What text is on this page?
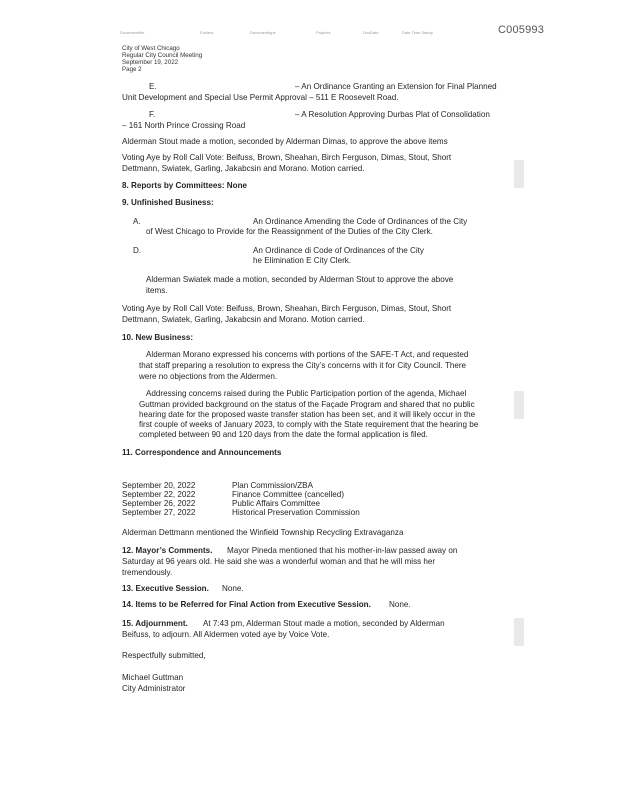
Documenttitle	Folders	Documenttype	Projects	DocDate	Date Time Stamp	C005993
City of West Chicago
Regular City Council Meeting
September 19, 2022
Page 2
E.	– An Ordinance Granting an Extension for Final Planned
Unit Development and Special Use Permit Approval – 511 E Roosevelt Road.
F.	– A Resolution Approving Durbas Plat of Consolidation
– 161 North Prince Crossing Road
Alderman Stout made a motion, seconded by Alderman Dimas, to approve the above items
Voting Aye by Roll Call Vote: Beifuss, Brown, Sheahan, Birch Ferguson, Dimas, Stout, Short
Dettmann, Swiatek, Garling, Jakabcsin and Morano. Motion carried.
8. Reports by Committees: None
9. Unfinished Business:
A.	An Ordinance Amending the Code of Ordinances of the City
of West Chicago to Provide for the Reassignment of the Duties of the City Clerk.
D.	An Ordinance di Code of Ordinances of the City
he Elimination E City Clerk.
Alderman Swiatek made a motion, seconded by Alderman Stout to approve the above
items.
Voting Aye by Roll Call Vote: Beifuss, Brown, Sheahan, Birch Ferguson, Dimas, Stout, Short
Dettmann, Swiatek, Garling, Jakabcsin and Morano. Motion carried.
10. New Business:
Alderman Morano expressed his concerns with portions of the SAFE-T Act, and requested
that staff preparing a resolution to express the City’s concerns with it for City Council. There
were no objections from the Aldermen.
Addressing concerns raised during the Public Participation portion of the agenda, Michael
Guttman provided background on the status of the Façade Program and shared that no public
hearing date for the proposed waste transfer station has been set, and it will likely occur in the
first couple of weeks of January 2023, to comply with the State requirement that the hearing be
completed between 90 and 120 days from the date the formal application is filed.
11. Correspondence and Announcements
September 20, 2022	Plan Commission/ZBA
September 22, 2022	Finance Committee (cancelled)
September 26, 2022	Public Affairs Committee
September 27, 2022	Historical Preservation Commission
Alderman Dettmann mentioned the Winfield Township Recycling Extravaganza
12. Mayor’s Comments. Mayor Pineda mentioned that his mother-in-law passed away on
Saturday at 96 years old. He said she was a wonderful woman and that he will miss her
tremendously.
13. Executive Session. None.
14. Items to be Referred for Final Action from Executive Session. None.
15. Adjournment. At 7:43 pm, Alderman Stout made a motion, seconded by Alderman
Beifuss, to adjourn. All Aldermen voted aye by Voice Vote.
Respectfully submitted,
Michael Guttman
City Administrator
